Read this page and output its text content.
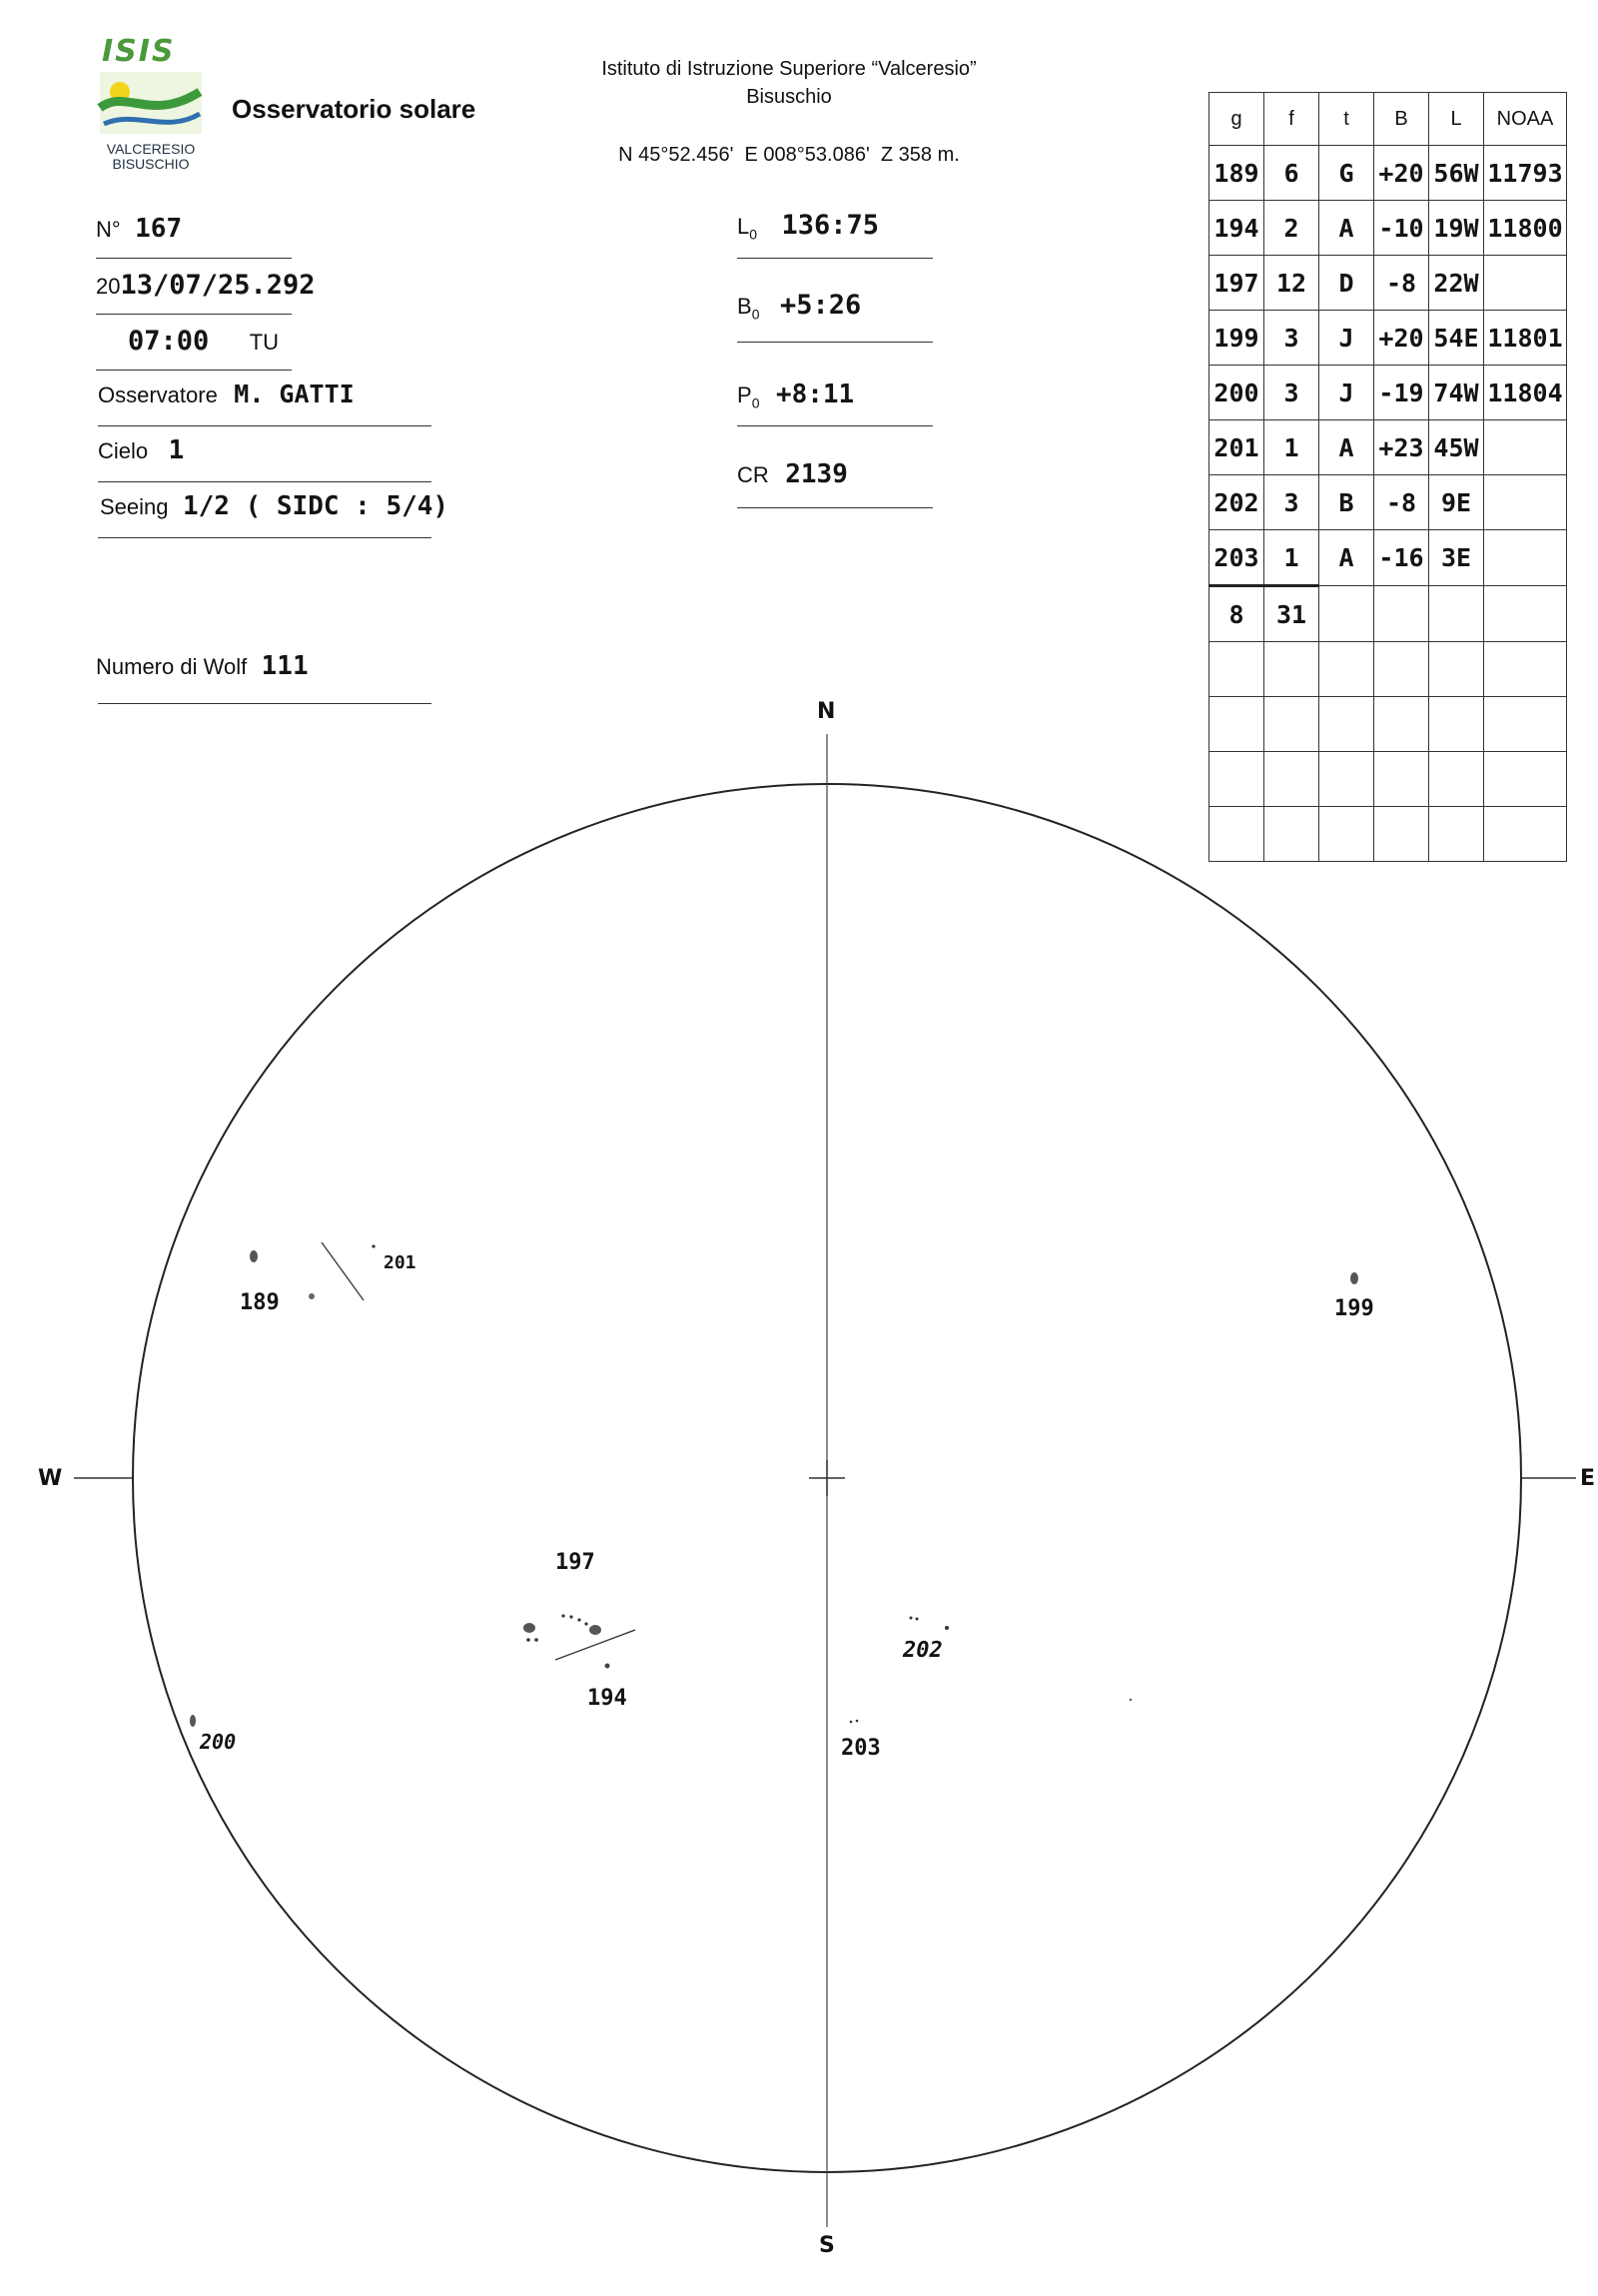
ISIS
VALCERESIO
BISUSCHIO
Osservatorio solare
Istituto di Istruzione Superiore “Valceresio”
Bisuschio
N 45°52.456'  E 008°53.086'  Z 358 m.
N° 167
2013/07/25.292
07:00 TU
Osservatore M. GATTI
Cielo 1
Seeing 1/2 ( SIDC : 5/4)
Numero di Wolf 111
$L_0$ 136:75
$B_0$ +5:26
$P_0$ +8:11
CR 2139
g	f	t	B	L	NOAA
189	6	G	+20	56W	11793
194	2	A	-10	19W	11800
197	12	D	-8	22W	
199	3	J	+20	54E	11801
200	3	J	-19	74W	11804
201	1	A	+23	45W	
202	3	B	-8	9E	
203	1	A	-16	3E	
8	31				

N
S
W	E
189
201
199
197
194
200
202
203
